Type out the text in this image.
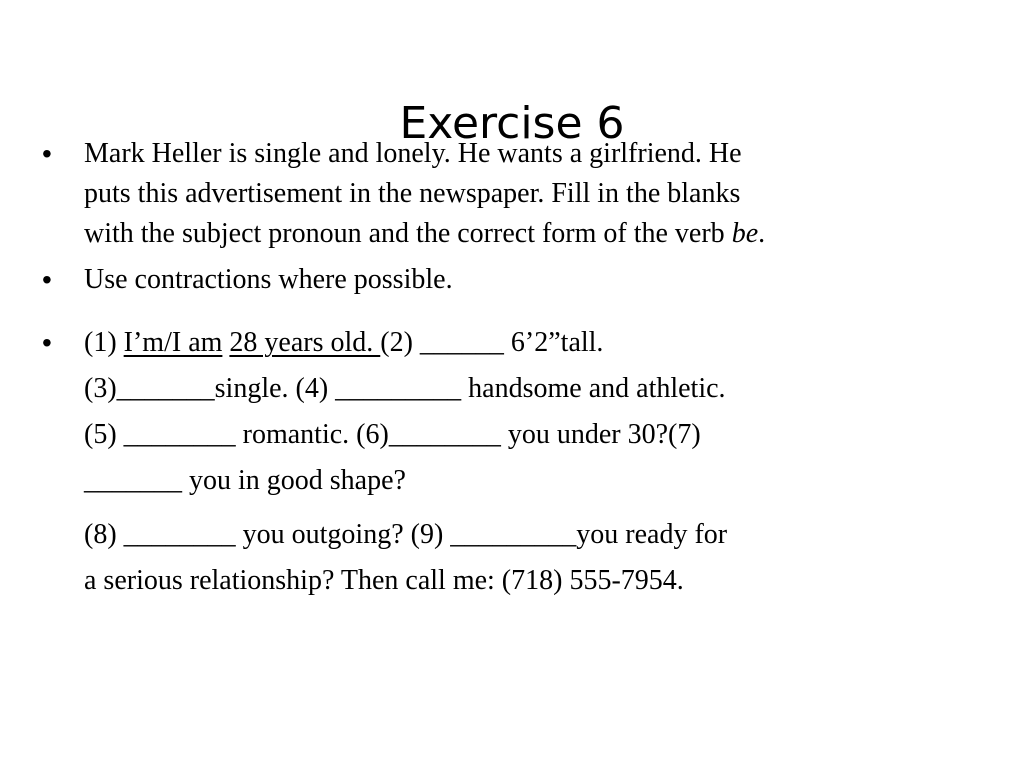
Exercise 6
•	Mark Heller is single and lonely. He wants a girlfriend. He
puts this advertisement in the newspaper. Fill in the blanks
with the subject pronoun and the correct form of the verb be.
•	Use contractions where possible.
•	(1) I’m/I am 28 years old. (2) ______ 6’2”tall.
(3)_______single. (4) _________ handsome and athletic.
(5) ________ romantic. (6)________ you under 30?(7)
_______ you in good shape?
(8) ________ you outgoing? (9) _________you ready for
a serious relationship? Then call me: (718) 555-7954.
